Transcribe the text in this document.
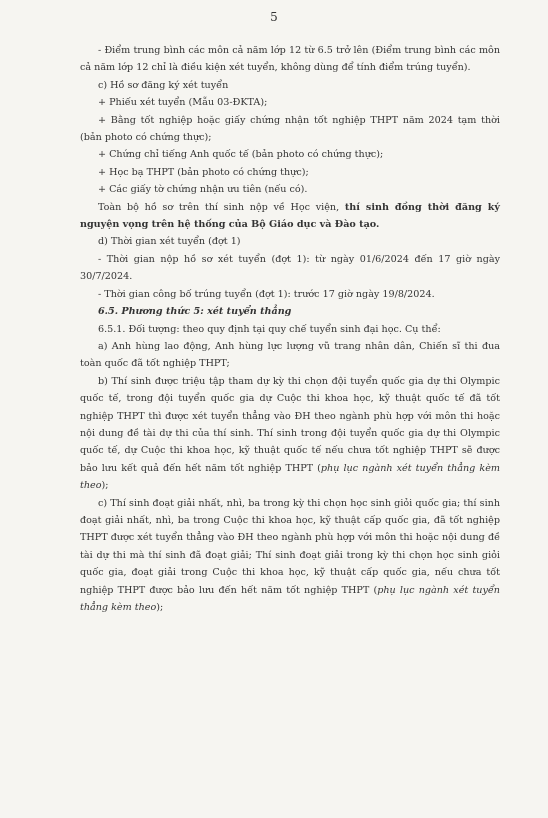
5

- Điểm trung bình các môn cả năm lớp 12 từ 6.5 trở lên (Điểm trung bình các môn cả năm lớp 12 chỉ là điều kiện xét tuyển, không dùng để tính điểm trúng tuyển).

c) Hồ sơ đăng ký xét tuyển

+ Phiếu xét tuyển (Mẫu 03-ĐKTA);

+ Bằng tốt nghiệp hoặc giấy chứng nhận tốt nghiệp THPT năm 2024 tạm thời (bản photo có chứng thực);

+ Chứng chỉ tiếng Anh quốc tế (bản photo có chứng thực);

+ Học bạ THPT (bản photo có chứng thực);

+ Các giấy tờ chứng nhận ưu tiên (nếu có).

Toàn bộ hồ sơ trên thí sinh nộp về Học viện, thí sinh đồng thời đăng ký nguyện vọng trên hệ thống của Bộ Giáo dục và Đào tạo.

d) Thời gian xét tuyển (đợt 1)

- Thời gian nộp hồ sơ xét tuyển (đợt 1): từ ngày 01/6/2024 đến 17 giờ ngày 30/7/2024.

- Thời gian công bố trúng tuyển (đợt 1): trước 17 giờ ngày 19/8/2024.

6.5. Phương thức 5: xét tuyển thẳng

6.5.1. Đối tượng: theo quy định tại quy chế tuyển sinh đại học. Cụ thể:

a) Anh hùng lao động, Anh hùng lực lượng vũ trang nhân dân, Chiến sĩ thi đua toàn quốc đã tốt nghiệp THPT;

b) Thí sinh được triệu tập tham dự kỳ thi chọn đội tuyển quốc gia dự thi Olympic quốc tế, trong đội tuyển quốc gia dự Cuộc thi khoa học, kỹ thuật quốc tế đã tốt nghiệp THPT thì được xét tuyển thẳng vào ĐH theo ngành phù hợp với môn thi hoặc nội dung đề tài dự thi của thí sinh. Thí sinh trong đội tuyển quốc gia dự thi Olympic quốc tế, dự Cuộc thi khoa học, kỹ thuật quốc tế nếu chưa tốt nghiệp THPT sẽ được bảo lưu kết quả đến hết năm tốt nghiệp THPT (phụ lục ngành xét tuyển thẳng kèm theo);

c) Thí sinh đoạt giải nhất, nhì, ba trong kỳ thi chọn học sinh giỏi quốc gia; thí sinh đoạt giải nhất, nhì, ba trong Cuộc thi khoa học, kỹ thuật cấp quốc gia, đã tốt nghiệp THPT được xét tuyển thẳng vào ĐH theo ngành phù hợp với môn thi hoặc nội dung đề tài dự thi mà thí sinh đã đoạt giải; Thí sinh đoạt giải trong kỳ thi chọn học sinh giỏi quốc gia, đoạt giải trong Cuộc thi khoa học, kỹ thuật cấp quốc gia, nếu chưa tốt nghiệp THPT được bảo lưu đến hết năm tốt nghiệp THPT (phụ lục ngành xét tuyển thẳng kèm theo);
